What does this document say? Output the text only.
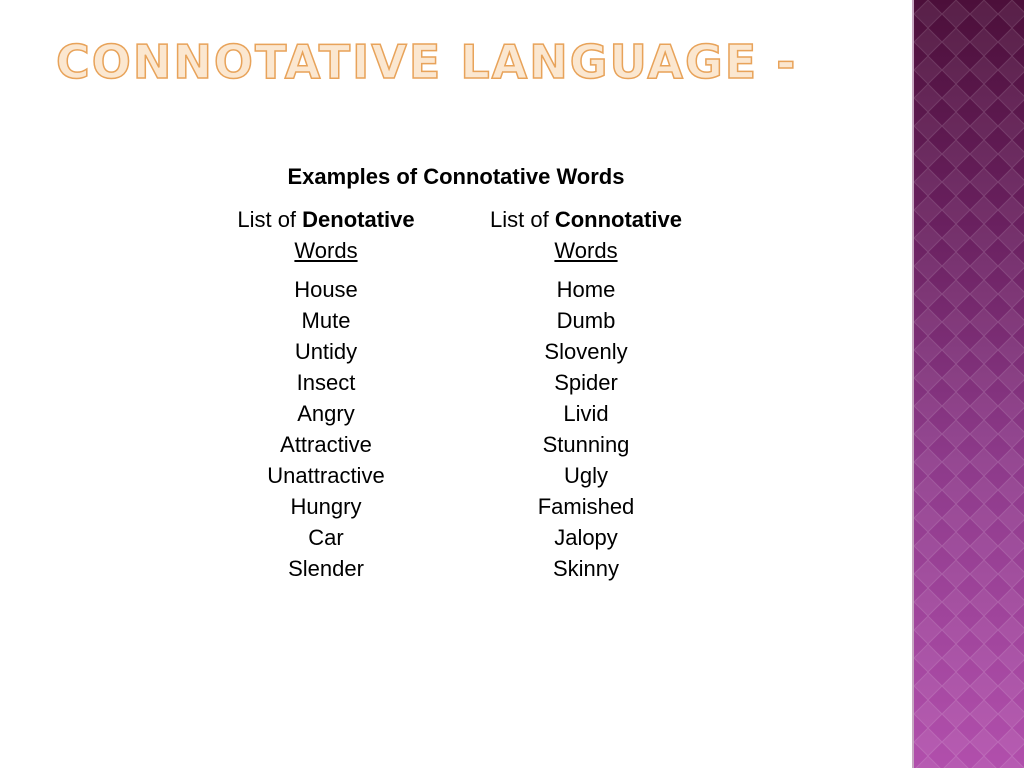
CONNOTATIVE LANGUAGE -
Examples of Connotative Words
List of Denotative
Words
House
Mute
Untidy
Insect
Angry
Attractive
Unattractive
Hungry
Car
Slender
List of Connotative
Words
Home
Dumb
Slovenly
Spider
Livid
Stunning
Ugly
Famished
Jalopy
Skinny
